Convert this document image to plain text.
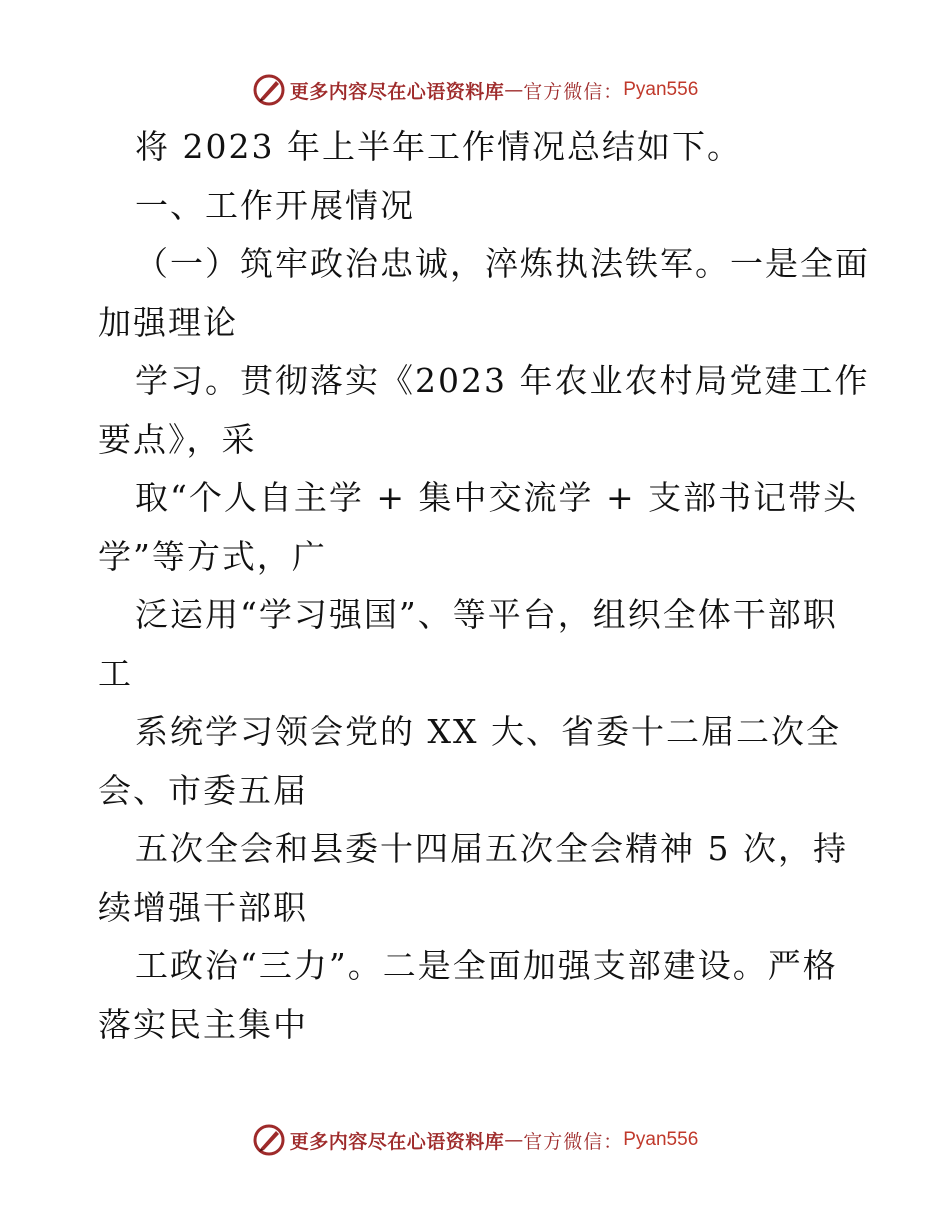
更多内容尽在心语资料库 — 官方微信： Pyan556
将 2023 年上半年工作情况总结如下。
一、工作开展情况
（一）筑牢政治忠诚，淬炼执法铁军。一是全面
加强理论
学习。贯彻落实《2023 年农业农村局党建工作
要点》，采
取“个人自主学 + 集中交流学 + 支部书记带头
学”等方式，广
泛运用“学习强国”、等平台，组织全体干部职
工
系统学习领会党的 XX 大、省委十二届二次全
会、市委五届
五次全会和县委十四届五次全会精神 5 次，持
续增强干部职
工政治“三力”。二是全面加强支部建设。严格
落实民主集中
更多内容尽在心语资料库 — 官方微信： Pyan556
